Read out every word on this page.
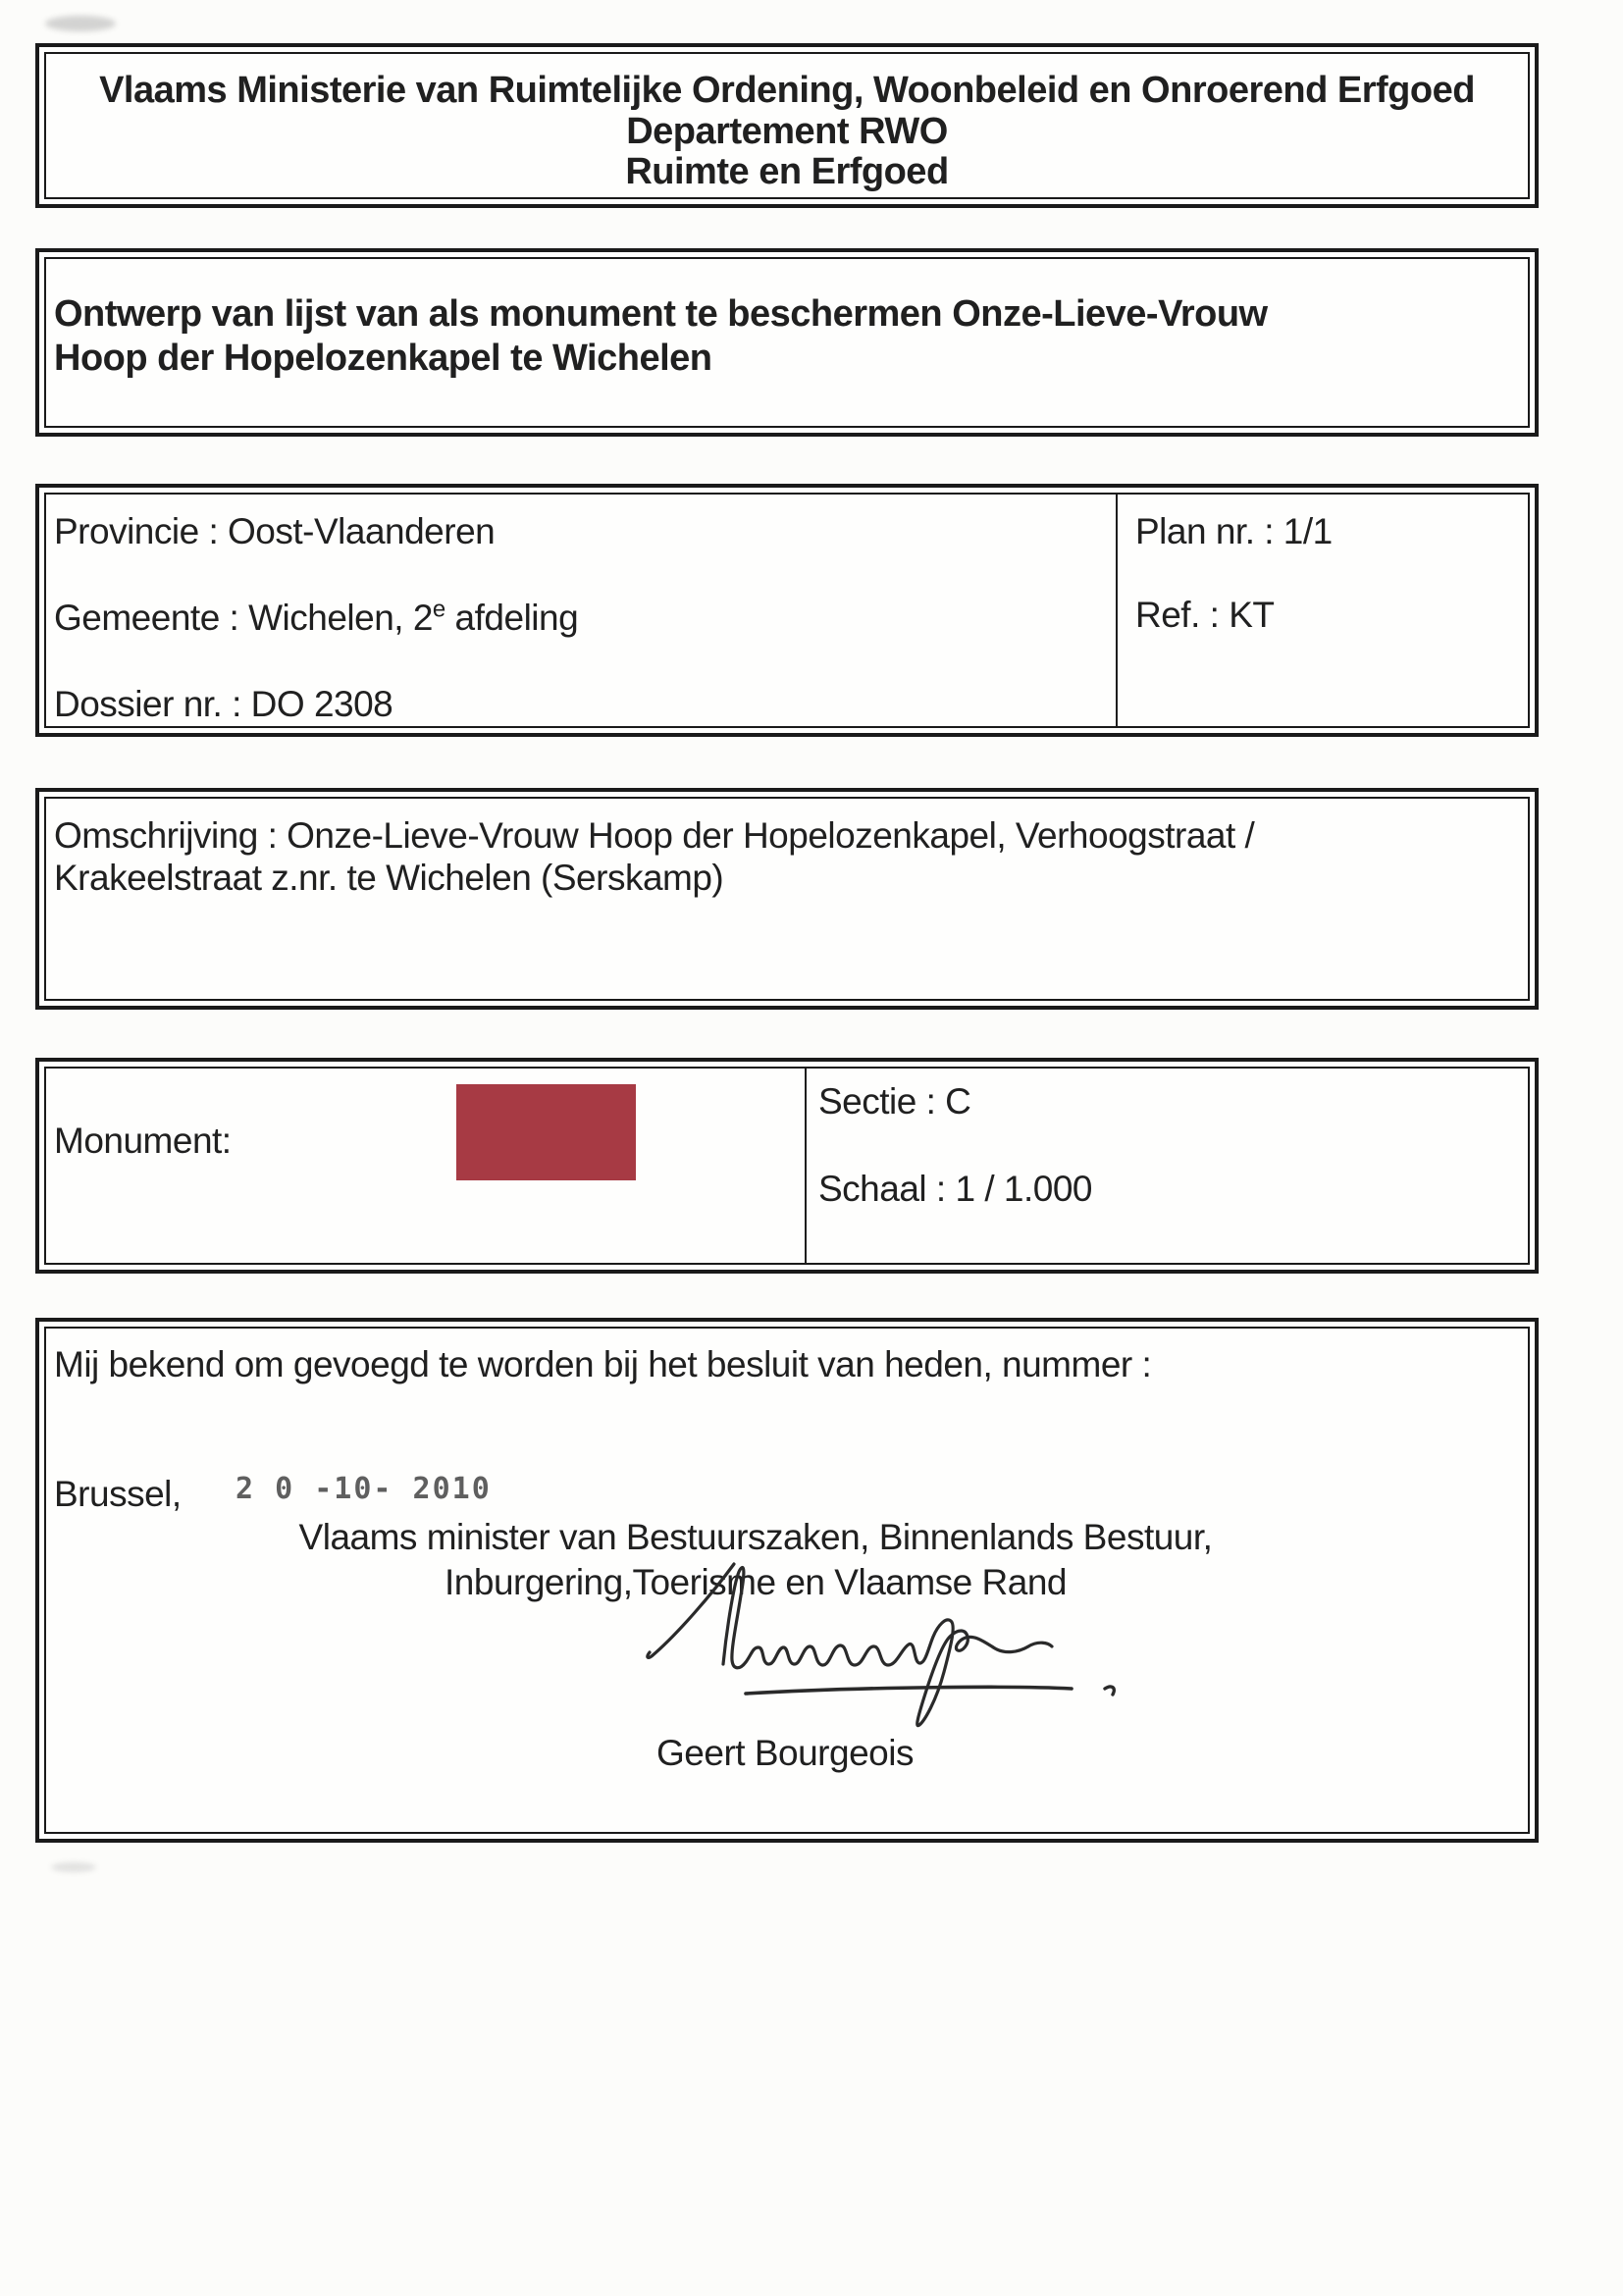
Vlaams Ministerie van Ruimtelijke Ordening, Woonbeleid en Onroerend Erfgoed
Departement RWO
Ruimte en Erfgoed
Ontwerp van lijst van als monument te beschermen Onze-Lieve-Vrouw
Hoop der Hopelozenkapel te Wichelen
Provincie : Oost-Vlaanderen
Gemeente : Wichelen, 2e afdeling
Dossier nr. : DO 2308
Plan nr. : 1/1
Ref. : KT
Omschrijving : Onze-Lieve-Vrouw Hoop der Hopelozenkapel, Verhoogstraat /
Krakeelstraat z.nr. te Wichelen (Serskamp)
Monument:
Sectie : C
Schaal : 1 / 1.000
Mij bekend om gevoegd te worden bij het besluit van heden, nummer :
Brussel, 2 0 -10- 2010
Vlaams minister van Bestuurszaken, Binnenlands Bestuur,
Inburgering,Toerisme en Vlaamse Rand
Geert Bourgeois
